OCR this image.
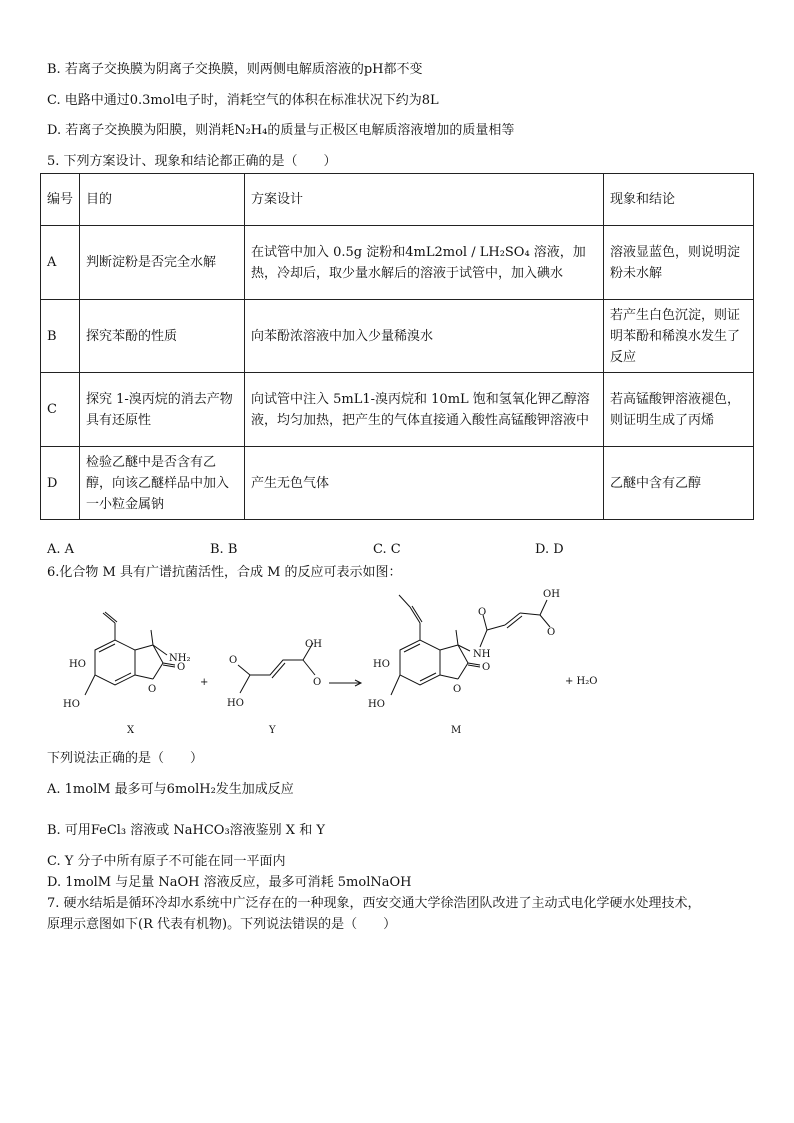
B. 若离子交换膜为阴离子交换膜，则两侧电解质溶液的pH都不变
C. 电路中通过0.3mol电子时，消耗空气的体积在标准状况下约为8L
D. 若离子交换膜为阳膜，则消耗N₂H₄的质量与正极区电解质溶液增加的质量相等
5. 下列方案设计、现象和结论都正确的是（　　）
编号	目的	方案设计	现象和结论
A	判断淀粉是否完全水解	在试管中加入 0.5g 淀粉和4mL2mol / LH₂SO₄ 溶液，加热，冷却后，取少量水解后的溶液于试管中，加入碘水	溶液显蓝色，则说明淀粉未水解
B	探究苯酚的性质	向苯酚浓溶液中加入少量稀溴水	若产生白色沉淀，则证明苯酚和稀溴水发生了反应
C	探究 1-溴丙烷的消去产物具有还原性	向试管中注入 5mL1-溴丙烷和 10mL 饱和氢氧化钾乙醇溶液，均匀加热，把产生的气体直接通入酸性高锰酸钾溶液中	若高锰酸钾溶液褪色，则证明生成了丙烯
D	检验乙醚中是否含有乙醇，向该乙醚样品中加入一小粒金属钠	产生无色气体	乙醚中含有乙醇
A. A	B. B	C. C	D. D
6.化合物 M 具有广谱抗菌活性，合成 M 的反应可表示如图：
HO
HO
NH₂
O
O
X
+
HO
O
OH
O
Y
HO
HO
NH
O
OH
O
O
O
M
+ H₂O
下列说法正确的是（　　）
A. 1molM 最多可与6molH₂发生加成反应
B. 可用FeCl₃ 溶液或 NaHCO₃溶液鉴别 X 和 Y
C. Y 分子中所有原子不可能在同一平面内
D. 1molM 与足量 NaOH 溶液反应，最多可消耗 5molNaOH
7. 硬水结垢是循环冷却水系统中广泛存在的一种现象，西安交通大学徐浩团队改进了主动式电化学硬水处理技术，
原理示意图如下(R 代表有机物)。下列说法错误的是（　　）
